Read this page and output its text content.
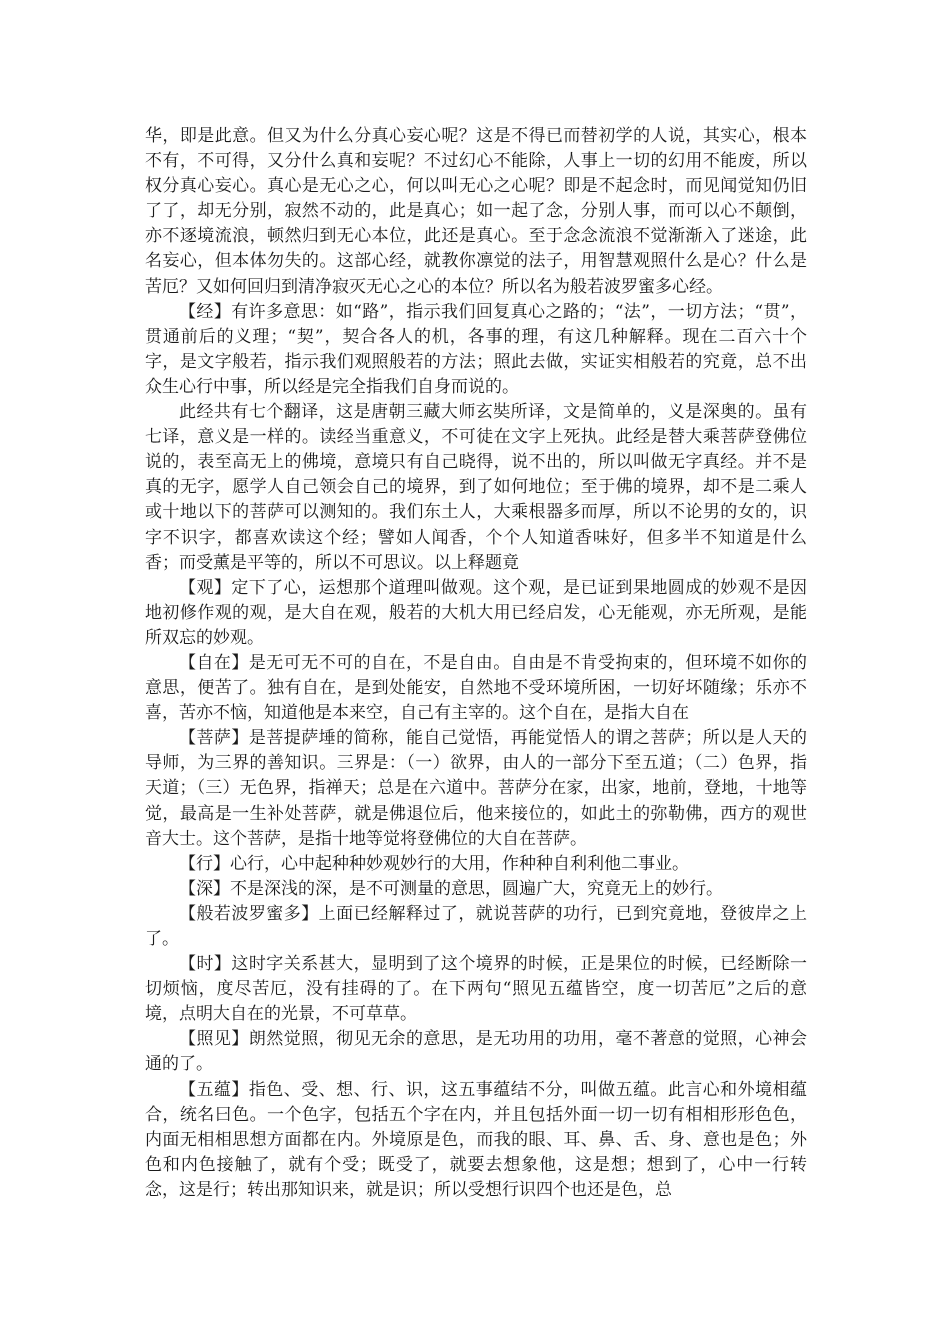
华，即是此意。但又为什么分真心妄心呢？这是不得已而替初学的人说，其实心，根本不有，不可得，又分什么真和妄呢？不过幻心不能除，人事上一切的幻用不能废，所以权分真心妄心。真心是无心之心，何以叫无心之心呢？即是不起念时，而见闻觉知仍旧了了，却无分别，寂然不动的，此是真心；如一起了念，分别人事，而可以心不颠倒，亦不逐境流浪，顿然归到无心本位，此还是真心。至于念念流浪不觉渐渐入了迷途，此名妄心，但本体勿失的。这部心经，就教你凛觉的法子，用智慧观照什么是心？什么是苦厄？又如何回归到清净寂灭无心之心的本位？所以名为般若波罗蜜多心经。

【经】有许多意思：如“路”，指示我们回复真心之路的；“法”，一切方法；“贯”，贯通前后的义理；“契”，契合各人的机，各事的理，有这几种解释。现在二百六十个字，是文字般若，指示我们观照般若的方法；照此去做，实证实相般若的究竟，总不出众生心行中事，所以经是完全指我们自身而说的。

此经共有七个翻译，这是唐朝三藏大师玄奘所译，文是简单的，义是深奥的。虽有七译，意义是一样的。读经当重意义，不可徒在文字上死执。此经是替大乘菩萨登佛位说的，表至高无上的佛境，意境只有自己晓得，说不出的，所以叫做无字真经。并不是真的无字，愿学人自己领会自己的境界，到了如何地位；至于佛的境界，却不是二乘人或十地以下的菩萨可以测知的。我们东土人，大乘根器多而厚，所以不论男的女的，识字不识字，都喜欢读这个经；譬如人闻香，个个人知道香味好，但多半不知道是什么香；而受薰是平等的，所以不可思议。以上释题竟

【观】定下了心，运想那个道理叫做观。这个观，是已证到果地圆成的妙观不是因地初修作观的观，是大自在观，般若的大机大用已经启发，心无能观，亦无所观，是能所双忘的妙观。

【自在】是无可无不可的自在，不是自由。自由是不肯受拘束的，但环境不如你的意思，便苦了。独有自在，是到处能安，自然地不受环境所困，一切好坏随缘；乐亦不喜，苦亦不恼，知道他是本来空，自己有主宰的。这个自在，是指大自在

【菩萨】是菩提萨埵的简称，能自己觉悟，再能觉悟人的谓之菩萨；所以是人天的导师，为三界的善知识。三界是：（一）欲界，由人的一部分下至五道；（二）色界，指天道；（三）无色界，指禅天；总是在六道中。菩萨分在家，出家，地前，登地，十地等觉，最高是一生补处菩萨，就是佛退位后，他来接位的，如此土的弥勒佛，西方的观世音大士。这个菩萨，是指十地等觉将登佛位的大自在菩萨。

【行】心行，心中起种种妙观妙行的大用，作种种自利利他二事业。

【深】不是深浅的深，是不可测量的意思，圆遍广大，究竟无上的妙行。

【般若波罗蜜多】上面已经解释过了，就说菩萨的功行，已到究竟地，登彼岸之上了。

【时】这时字关系甚大，显明到了这个境界的时候，正是果位的时候，已经断除一切烦恼，度尽苦厄，没有挂碍的了。在下两句“照见五蕴皆空，度一切苦厄”之后的意境，点明大自在的光景，不可草草。

【照见】朗然觉照，彻见无余的意思，是无功用的功用，毫不著意的觉照，心神会通的了。

【五蕴】指色、受、想、行、识，这五事蕴结不分，叫做五蕴。此言心和外境相蕴合，统名曰色。一个色字，包括五个字在内，并且包括外面一切一切有相相形形色色，内面无相相思想方面都在内。外境原是色，而我的眼、耳、鼻、舌、身、意也是色；外色和内色接触了，就有个受；既受了，就要去想象他，这是想；想到了，心中一行转念，这是行；转出那知识来，就是识；所以受想行识四个也还是色，总
